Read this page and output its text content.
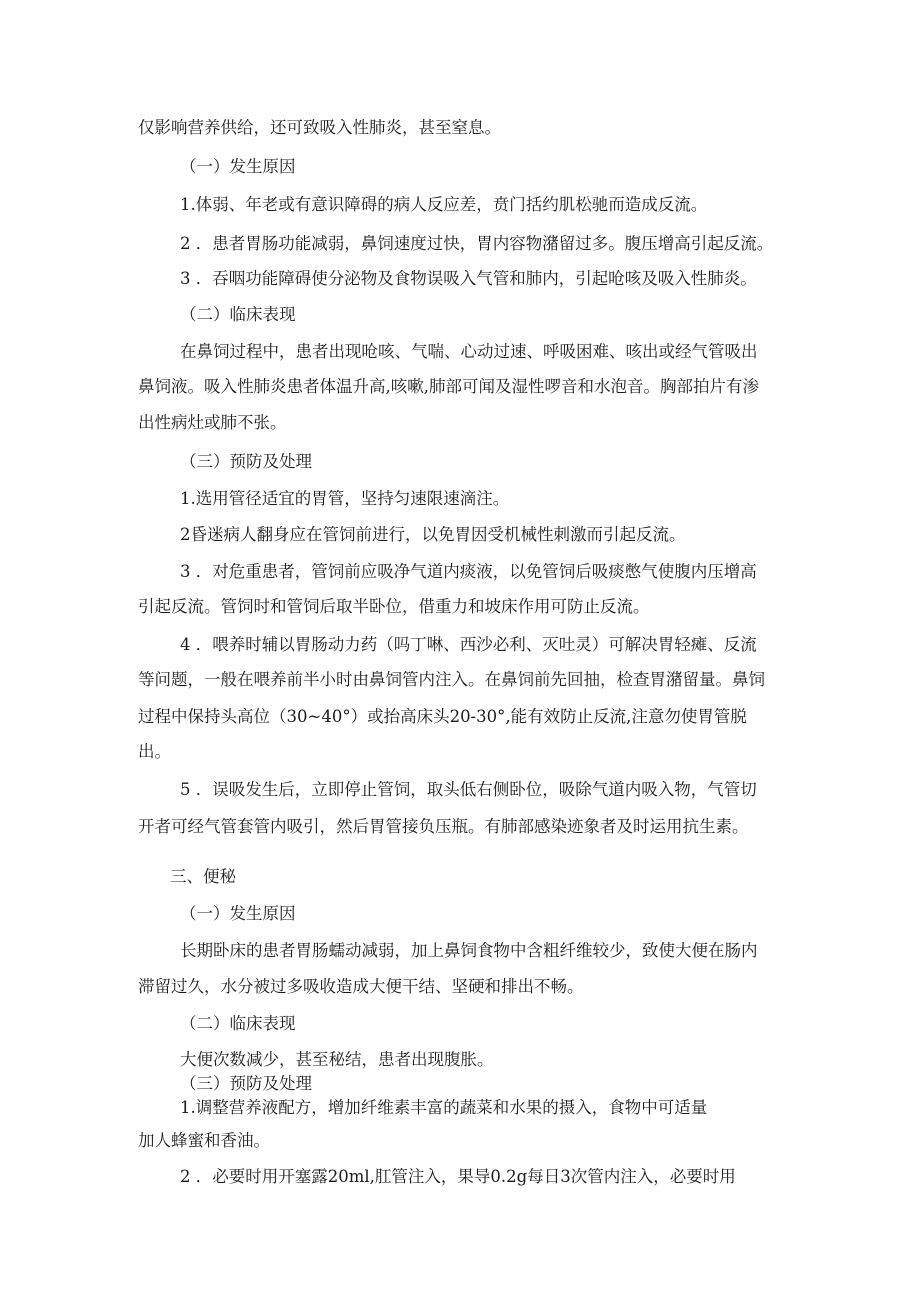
仅影响营养供给，还可致吸入性肺炎，甚至窒息。

（一）发生原因

1.体弱、年老或有意识障碍的病人反应差，贲门括约肌松驰而造成反流。

2 ．患者胃肠功能减弱，鼻饲速度过快，胃内容物潴留过多。腹压增高引起反流。

3 ．吞咽功能障碍使分泌物及食物误吸入气管和肺内，引起呛咳及吸入性肺炎。

（二）临床表现

在鼻饲过程中，患者出现呛咳、气喘、心动过速、呼吸困难、咳出或经气管吸出

鼻饲液。吸入性肺炎患者体温升高,咳嗽,肺部可闻及湿性啰音和水泡音。胸部拍片有渗

出性病灶或肺不张。

（三）预防及处理

1.选用管径适宜的胃管，坚持匀速限速滴注。

2昏迷病人翻身应在管饲前进行，以免胃因受机械性刺激而引起反流。

3 ．对危重患者，管饲前应吸净气道内痰液，以免管饲后吸痰憋气使腹内压增高

引起反流。管饲时和管饲后取半卧位，借重力和坡床作用可防止反流。

4 ．喂养时辅以胃肠动力药（吗丁啉、西沙必利、灭吐灵）可解决胃轻瘫、反流

等问题，一般在喂养前半小时由鼻饲管内注入。在鼻饲前先回抽，检查胃潴留量。鼻饲

过程中保持头高位（30~40°）或抬高床头20-30°,能有效防止反流,注意勿使胃管脱

出。

5 ．误吸发生后，立即停止管饲，取头低右侧卧位，吸除气道内吸入物，气管切

开者可经气管套管内吸引，然后胃管接负压瓶。有肺部感染迹象者及时运用抗生素。

三、便秘

（一）发生原因

长期卧床的患者胃肠蠕动减弱，加上鼻饲食物中含粗纤维较少，致使大便在肠内

滞留过久，水分被过多吸收造成大便干结、坚硬和排出不畅。

（二）临床表现

大便次数减少，甚至秘结，患者出现腹胀。

（三）预防及处理

1.调整营养液配方，增加纤维素丰富的蔬菜和水果的摄入，食物中可适量

加人蜂蜜和香油。

2 ．必要时用开塞露20ml,肛管注入，果导0.2g每日3次管内注入，必要时用
